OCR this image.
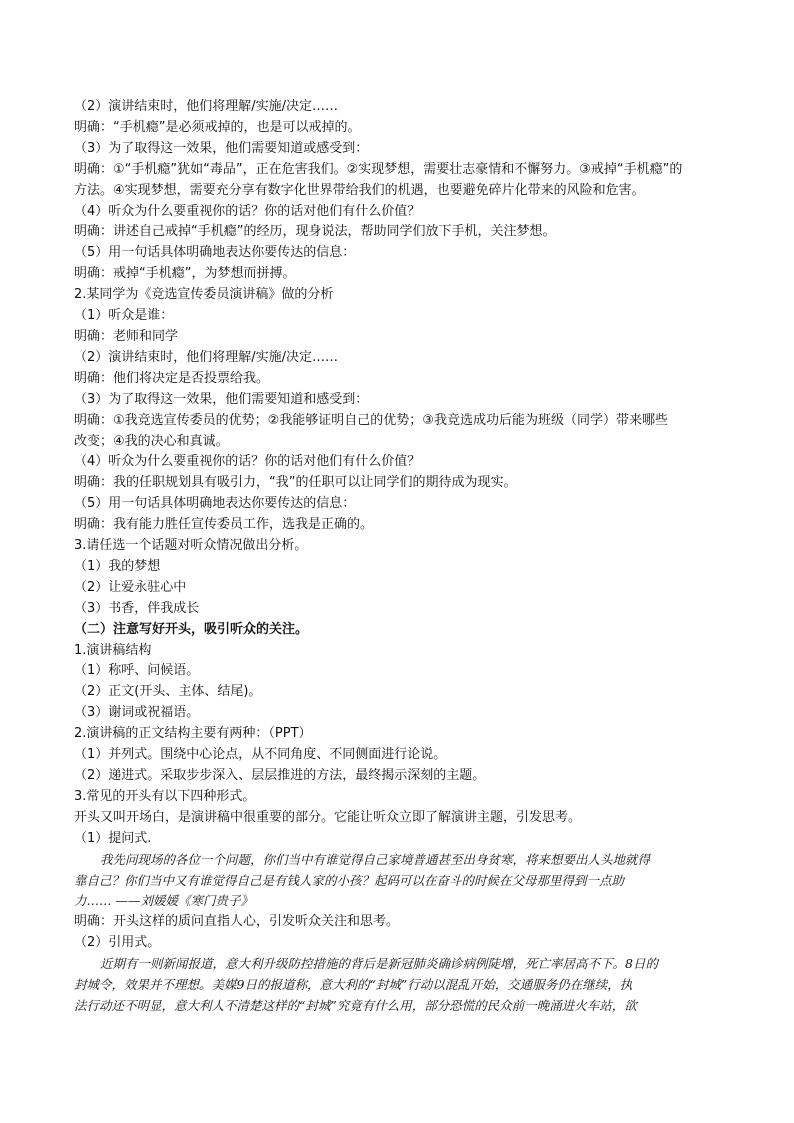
（2）演讲结束时，他们将理解/实施/决定……
明确：“手机瘾”是必须戒掉的，也是可以戒掉的。
（3）为了取得这一效果，他们需要知道或感受到：
明确：①“手机瘾”犹如“毒品”，正在危害我们。②实现梦想，需要壮志豪情和不懈努力。③戒掉“手机瘾”的
方法。④实现梦想，需要充分享有数字化世界带给我们的机遇，也要避免碎片化带来的风险和危害。
（4）听众为什么要重视你的话？你的话对他们有什么价值？
明确：讲述自己戒掉“手机瘾”的经历，现身说法，帮助同学们放下手机，关注梦想。
（5）用一句话具体明确地表达你要传达的信息：
明确：戒掉“手机瘾”，为梦想而拼搏。
2.某同学为《竞选宣传委员演讲稿》做的分析
（1）听众是谁：
明确：老师和同学
（2）演讲结束时，他们将理解/实施/决定……
明确：他们将决定是否投票给我。
（3）为了取得这一效果，他们需要知道和感受到：
明确：①我竞选宣传委员的优势；②我能够证明自己的优势；③我竞选成功后能为班级（同学）带来哪些
改变；④我的决心和真诚。
（4）听众为什么要重视你的话？你的话对他们有什么价值？
明确：我的任职规划具有吸引力，“我”的任职可以让同学们的期待成为现实。
（5）用一句话具体明确地表达你要传达的信息：
明确：我有能力胜任宣传委员工作，选我是正确的。
3.请任选一个话题对听众情况做出分析。
（1）我的梦想
（2）让爱永驻心中
（3）书香，伴我成长
（二）注意写好开头，吸引听众的关注。
1.演讲稿结构
（1）称呼、问候语。
（2）正文(开头、主体、结尾)。
（3）谢词或祝福语。
2.演讲稿的正文结构主要有两种：（PPT）
（1）并列式。围绕中心论点，从不同角度、不同侧面进行论说。
（2）递进式。采取步步深入、层层推进的方法，最终揭示深刻的主题。
3.常见的开头有以下四种形式。
开头又叫开场白，是演讲稿中很重要的部分。它能让听众立即了解演讲主题，引发思考。
（1）提问式.
我先问现场的各位一个问题，你们当中有谁觉得自己家境普通甚至出身贫寒，将来想要出人头地就得
靠自己？你们当中又有谁觉得自己是有钱人家的小孩？起码可以在奋斗的时候在父母那里得到一点助
力…… ——刘媛媛《寒门贵子》
明确：开头这样的质问直指人心，引发听众关注和思考。
（2）引用式。
近期有一则新闻报道，意大利升级防控措施的背后是新冠肺炎确诊病例陡增，死亡率居高不下。8日的
封城令，效果并不理想。美媒9日的报道称，意大利的“封城”行动以混乱开始，交通服务仍在继续，执
法行动还不明显，意大利人不清楚这样的“封城”究竟有什么用，部分恐慌的民众前一晚涌进火车站，欲
